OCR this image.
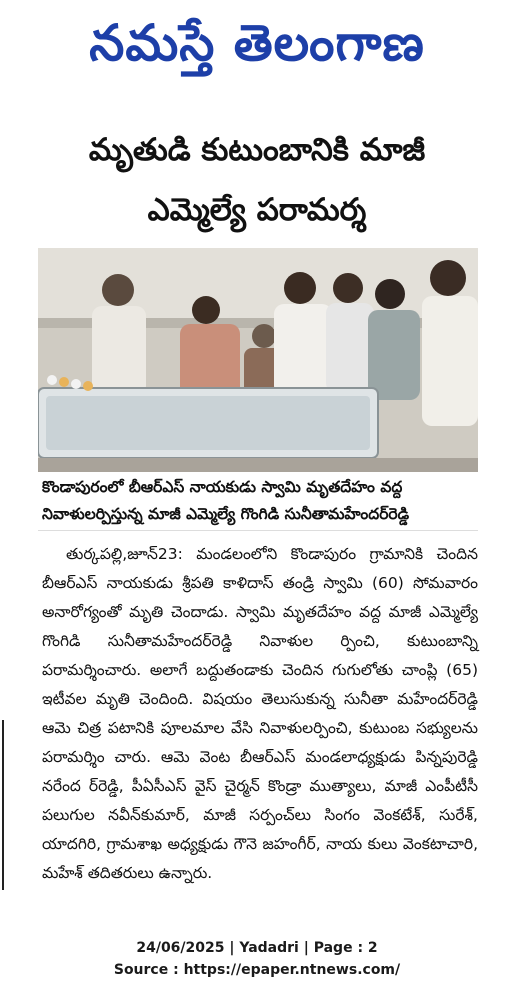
నమస్తే తెలంగాణ
మృతుడి కుటుంబానికి మాజీ
ఎమ్మెల్యే పరామర్శ
కొండాపురంలో బీఆర్ఎస్ నాయకుడు స్వామి మృతదేహం వద్ద
నివాళులర్పిస్తున్న మాజీ ఎమ్మెల్యే గొంగిడి సునీతామహేందర్‌రెడ్డి

తుర్కపల్లి,జూన్23: మండలంలోని కొండాపురం గ్రామానికి చెందిన బీఆర్ఎస్ నాయకుడు శ్రీపతి కాళిదాస్ తండ్రి స్వామి (60) సోమవారం అనారోగ్యంతో మృతి చెందాడు. స్వామి మృతదేహం వద్ద మాజీ ఎమ్మెల్యే గొంగిడి సునీతామహేందర్‌రెడ్డి నివాళుల ర్పించి, కుటుంబాన్ని పరామర్శించారు. అలాగే బద్దుతండాకు చెందిన గుగులోతు చాంప్లి (65) ఇటీవల మృతి చెందింది. విషయం తెలుసుకున్న సునీతా మహేందర్‌రెడ్డి ఆమె చిత్ర పటానికి పూలమాల వేసి నివాళులర్పించి, కుటుంబ సభ్యులను పరామర్శిం చారు. ఆమె వెంట బీఆర్ఎస్ మండలాధ్యక్షుడు పిన్నపురెడ్డి నరేంద ర్‌రెడ్డి, పీఏసీఎస్ వైస్ చైర్మన్ కొండ్రా ముత్యాలు, మాజీ ఎంపీటీసీ పలుగుల నవీన్‌కుమార్, మాజీ సర్పంచ్‌లు సింగం వెంకటేశ్, సురేశ్, యాదగిరి, గ్రామశాఖ అధ్యక్షుడు గౌనె జహంగీర్, నాయ కులు వెంకటాచారి, మహేశ్ తదితరులు ఉన్నారు.

24/06/2025 | Yadadri | Page : 2
Source : https://epaper.ntnews.com/
